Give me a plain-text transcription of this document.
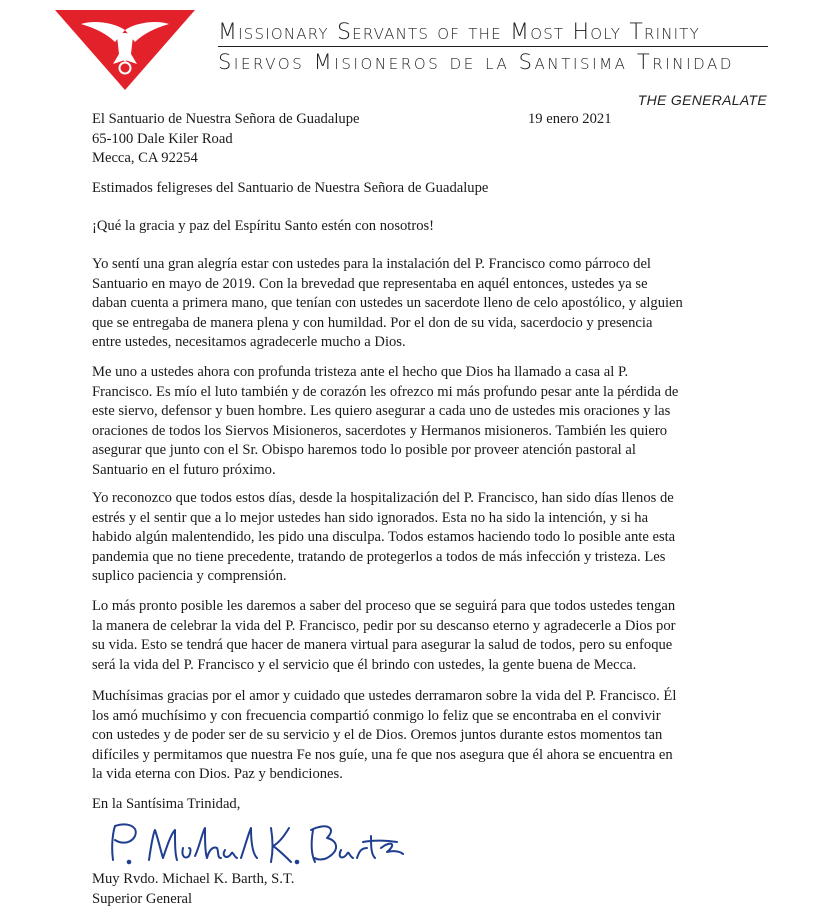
Missionary Servants of the Most Holy Trinity
Siervos Misioneros de la Santisima Trinidad
THE GENERALATE
El Santuario de Nuestra Señora de Guadalupe
65-100 Dale Kiler Road
Mecca, CA 92254
19 enero 2021
Estimados feligreses del Santuario de Nuestra Señora de Guadalupe
¡Qué la gracia y paz del Espíritu Santo estén con nosotros!
Yo sentí una gran alegría estar con ustedes para la instalación del P. Francisco como párroco del
Santuario en mayo de 2019. Con la brevedad que representaba en aquél entonces, ustedes ya se
daban cuenta a primera mano, que tenían con ustedes un sacerdote lleno de celo apostólico, y alguien
que se entregaba de manera plena y con humildad. Por el don de su vida, sacerdocio y presencia
entre ustedes, necesitamos agradecerle mucho a Dios.
Me uno a ustedes ahora con profunda tristeza ante el hecho que Dios ha llamado a casa al P.
Francisco. Es mío el luto también y de corazón les ofrezco mi más profundo pesar ante la pérdida de
este siervo, defensor y buen hombre. Les quiero asegurar a cada uno de ustedes mis oraciones y las
oraciones de todos los Siervos Misioneros, sacerdotes y Hermanos misioneros. También les quiero
asegurar que junto con el Sr. Obispo haremos todo lo posible por proveer atención pastoral al
Santuario en el futuro próximo.
Yo reconozco que todos estos días, desde la hospitalización del P. Francisco, han sido días llenos de
estrés y el sentir que a lo mejor ustedes han sido ignorados. Esta no ha sido la intención, y si ha
habido algún malentendido, les pido una disculpa. Todos estamos haciendo todo lo posible ante esta
pandemia que no tiene precedente, tratando de protegerlos a todos de más infección y tristeza. Les
suplico paciencia y comprensión.
Lo más pronto posible les daremos a saber del proceso que se seguirá para que todos ustedes tengan
la manera de celebrar la vida del P. Francisco, pedir por su descanso eterno y agradecerle a Dios por
su vida. Esto se tendrá que hacer de manera virtual para asegurar la salud de todos, pero su enfoque
será la vida del P. Francisco y el servicio que él brindo con ustedes, la gente buena de Mecca.
Muchísimas gracias por el amor y cuidado que ustedes derramaron sobre la vida del P. Francisco. Él
los amó muchísimo y con frecuencia compartió conmigo lo feliz que se encontraba en el convivir
con ustedes y de poder ser de su servicio y el de Dios. Oremos juntos durante estos momentos tan
difíciles y permitamos que nuestra Fe nos guíe, una fe que nos asegura que él ahora se encuentra en
la vida eterna con Dios. Paz y bendiciones.
En la Santísima Trinidad,
Muy Rvdo. Michael K. Barth, S.T.
Superior General
